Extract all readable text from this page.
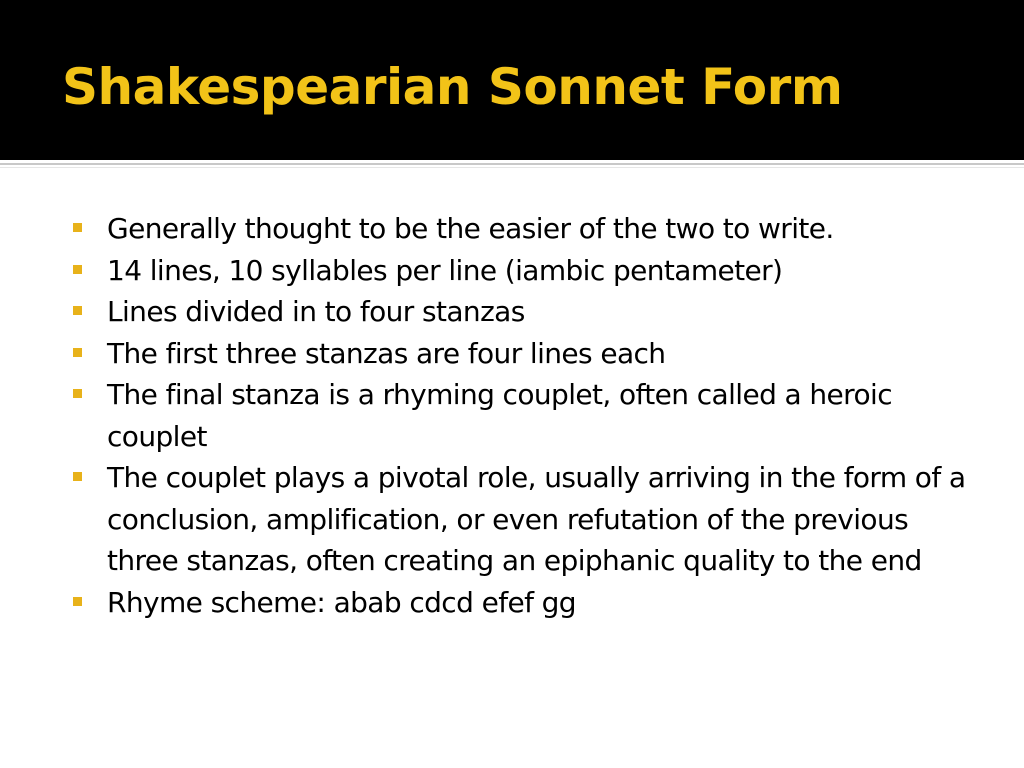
Shakespearian Sonnet Form
Generally thought to be the easier of the two to write.
14 lines, 10 syllables per line (iambic pentameter)
Lines divided in to four stanzas
The first three stanzas are four lines each
The final stanza is a rhyming couplet, often called a heroic couplet
The couplet plays a pivotal role, usually arriving in the form of a conclusion, amplification, or even refutation of the previous three stanzas, often creating an epiphanic quality to the end
Rhyme scheme: abab cdcd efef gg
